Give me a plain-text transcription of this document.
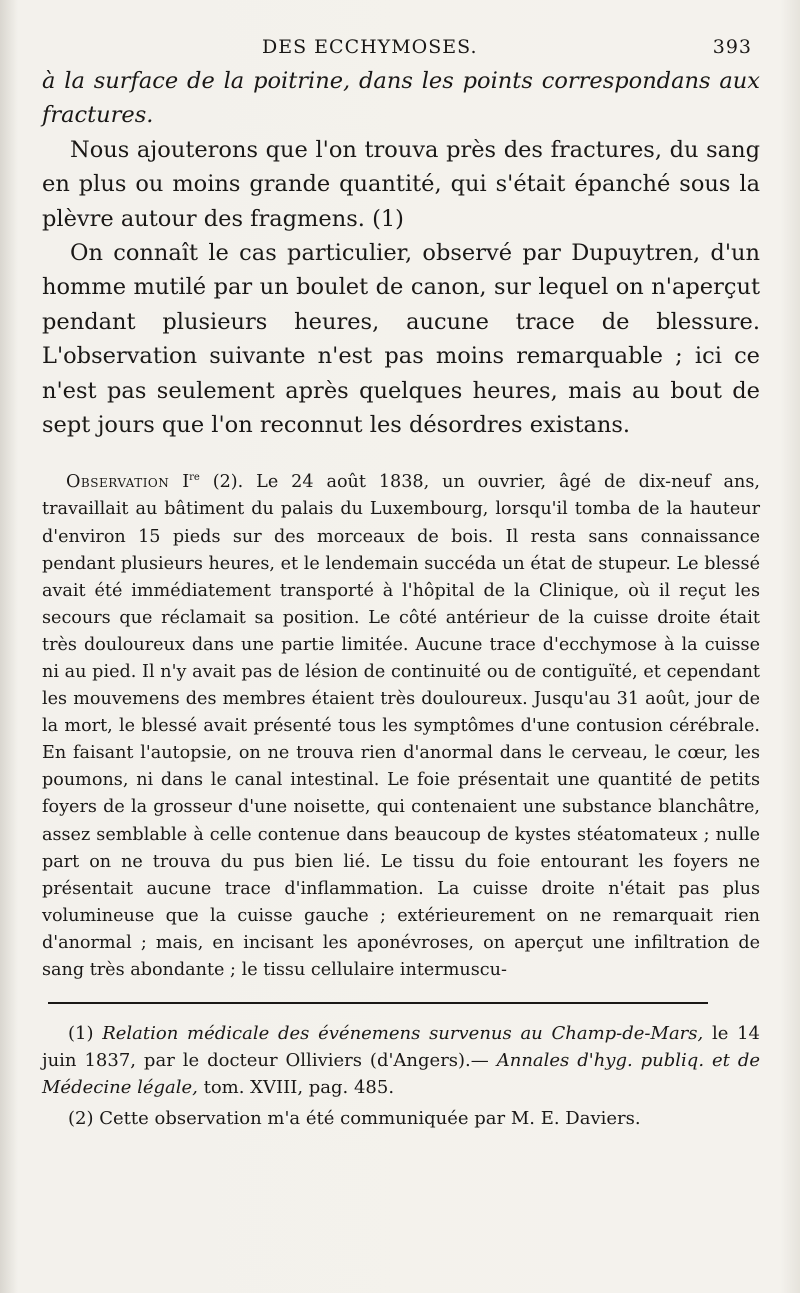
DES ECCHYMOSES.	393

à la surface de la poitrine, dans les points correspondans aux fractures.

Nous ajouterons que l'on trouva près des fractures, du sang en plus ou moins grande quantité, qui s'était épanché sous la plèvre autour des fragmens. (1)

On connaît le cas particulier, observé par Dupuytren, d'un homme mutilé par un boulet de canon, sur lequel on n'aperçut pendant plusieurs heures, aucune trace de blessure. L'observation suivante n'est pas moins remarquable ; ici ce n'est pas seulement après quelques heures, mais au bout de sept jours que l'on reconnut les désordres existans.

Observation Ire (2). Le 24 août 1838, un ouvrier, âgé de dix-neuf ans, travaillait au bâtiment du palais du Luxembourg, lorsqu'il tomba de la hauteur d'environ 15 pieds sur des morceaux de bois. Il resta sans connaissance pendant plusieurs heures, et le lendemain succéda un état de stupeur. Le blessé avait été immédiatement transporté à l'hôpital de la Clinique, où il reçut les secours que réclamait sa position. Le côté antérieur de la cuisse droite était très douloureux dans une partie limitée. Aucune trace d'ecchymose à la cuisse ni au pied. Il n'y avait pas de lésion de continuité ou de contiguïté, et cependant les mouvemens des membres étaient très douloureux. Jusqu'au 31 août, jour de la mort, le blessé avait présenté tous les symptômes d'une contusion cérébrale. En faisant l'autopsie, on ne trouva rien d'anormal dans le cerveau, le cœur, les poumons, ni dans le canal intestinal. Le foie présentait une quantité de petits foyers de la grosseur d'une noisette, qui contenaient une substance blanchâtre, assez semblable à celle contenue dans beaucoup de kystes stéatomateux ; nulle part on ne trouva du pus bien lié. Le tissu du foie entourant les foyers ne présentait aucune trace d'inflammation. La cuisse droite n'était pas plus volumineuse que la cuisse gauche ; extérieurement on ne remarquait rien d'anormal ; mais, en incisant les aponévroses, on aperçut une infiltration de sang très abondante ; le tissu cellulaire intermuscu-

(1) Relation médicale des événemens survenus au Champ-de-Mars, le 14 juin 1837, par le docteur Olliviers (d'Angers).— Annales d'hyg. publiq. et de Médecine légale, tom. XVIII, pag. 485.

(2) Cette observation m'a été communiquée par M. E. Daviers.
